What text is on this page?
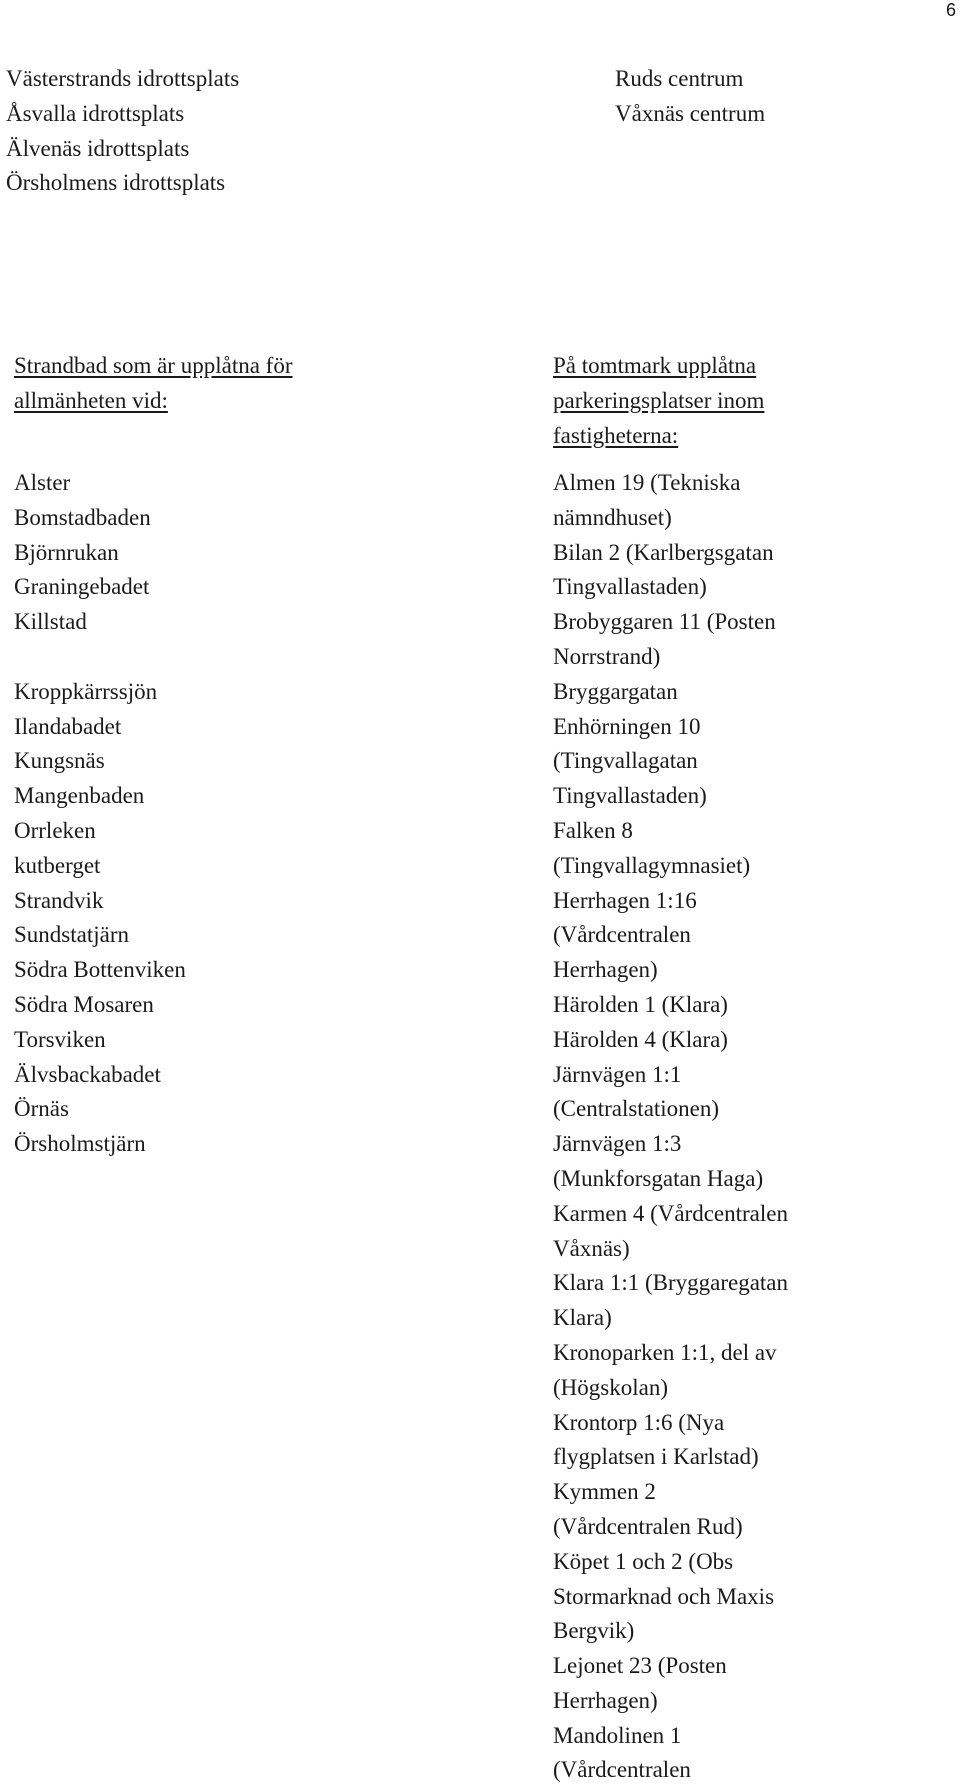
6
Västerstrands idrottsplats
Åsvalla idrottsplats
Älvenäs idrottsplats
Örsholmens idrottsplats
Ruds centrum
Våxnäs centrum
Strandbad som är upplåtna för
allmänheten vid:
På tomtmark upplåtna
parkeringsplatser inom
fastigheterna:
Alster
Bomstadbaden
Björnrukan
Graningebadet
Killstad

Kroppkärrssjön
Ilandabadet
Kungsnäs
Mangenbaden
Orrleken
kutberget
Strandvik
Sundstatjärn
Södra Bottenviken
Södra Mosaren
Torsviken
Älvsbackabadet
Örnäs
Örsholmstjärn
Almen 19 (Tekniska
nämndhuset)
Bilan 2 (Karlbergsgatan
Tingvallastaden)
Brobyggaren 11 (Posten
Norrstrand)
Bryggargatan
Enhörningen 10
(Tingvallagatan
Tingvallastaden)
Falken 8
(Tingvallagymnasiet)
Herrhagen 1:16
(Vårdcentralen
Herrhagen)
Härolden 1 (Klara)
Härolden 4 (Klara)
Järnvägen 1:1
(Centralstationen)
Järnvägen 1:3
(Munkforsgatan Haga)
Karmen 4 (Vårdcentralen
Våxnäs)
Klara 1:1 (Bryggaregatan
Klara)
Kronoparken 1:1, del av
(Högskolan)
Krontorp 1:6 (Nya
flygplatsen i Karlstad)
Kymmen 2
(Vårdcentralen Rud)
Köpet 1 och 2 (Obs
Stormarknad och Maxis
Bergvik)
Lejonet 23 (Posten
Herrhagen)
Mandolinen 1
(Vårdcentralen
